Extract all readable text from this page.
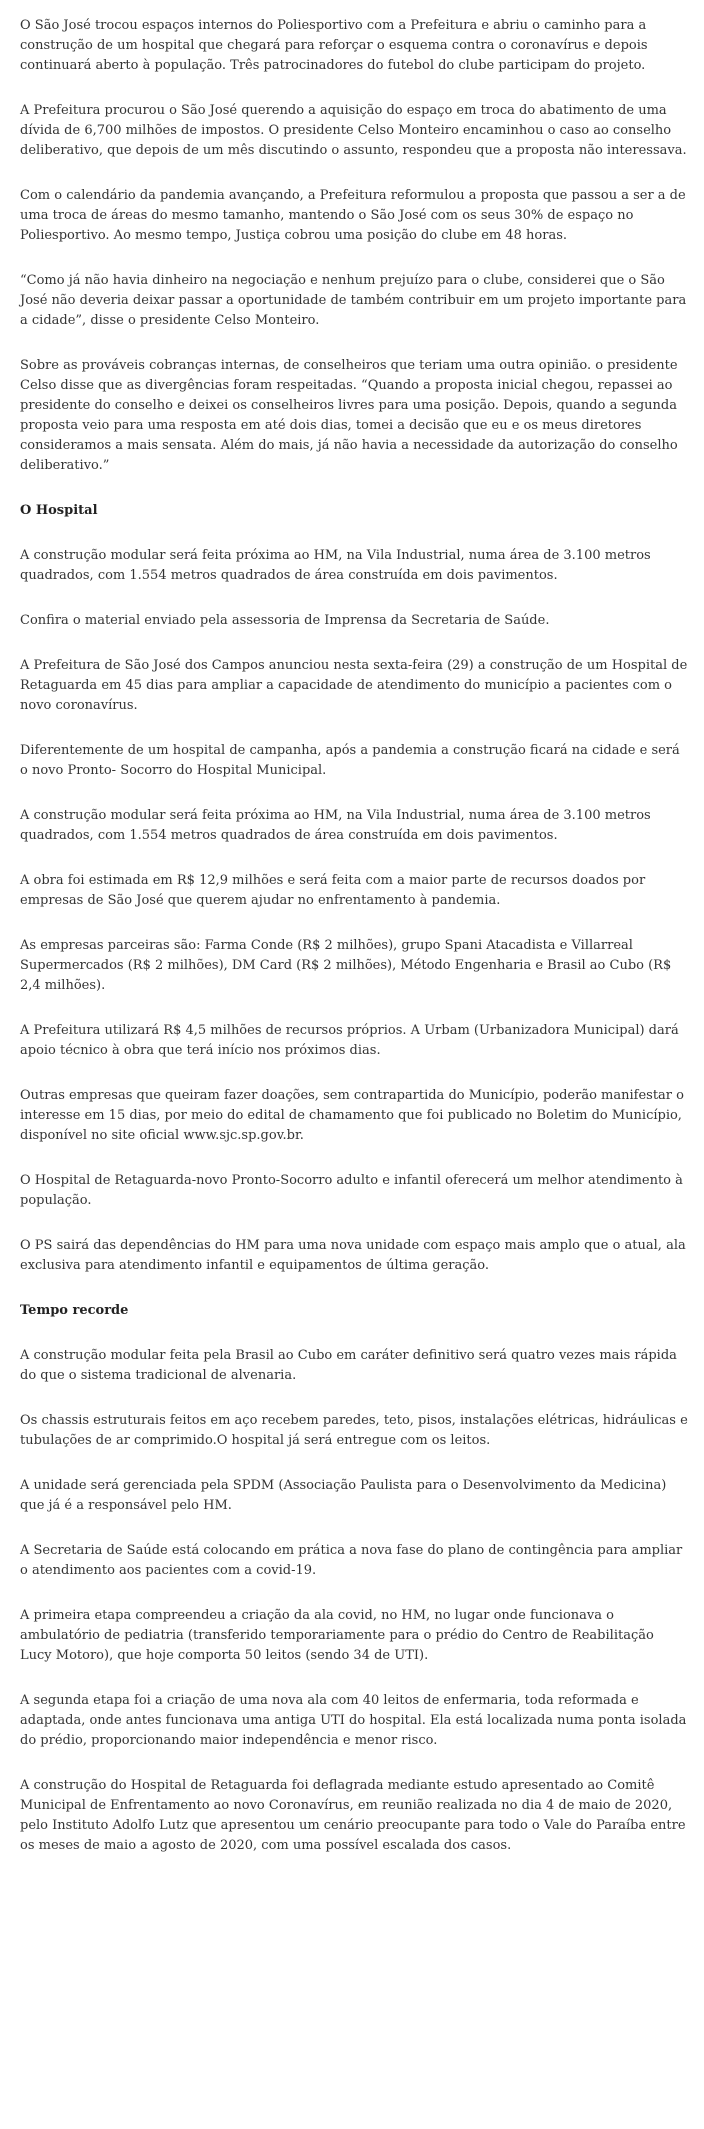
O São José trocou espaços internos do Poliesportivo com a Prefeitura e abriu o caminho para a construção de um hospital que chegará para reforçar o esquema contra o coronavírus e depois continuará aberto à população. Três patrocinadores do futebol do clube participam do projeto.

A Prefeitura procurou o São José querendo a aquisição do espaço em troca do abatimento de uma dívida de 6,700 milhões de impostos. O presidente Celso Monteiro encaminhou o caso ao conselho deliberativo, que depois de um mês discutindo o assunto, respondeu que a proposta não interessava.

Com o calendário da pandemia avançando, a Prefeitura reformulou a proposta que passou a ser a de uma troca de áreas do mesmo tamanho, mantendo o São José com os seus 30% de espaço no Poliesportivo. Ao mesmo tempo, Justiça cobrou uma posição do clube em 48 horas.

“Como já não havia dinheiro na negociação e nenhum prejuízo para o clube, considerei que o São José não deveria deixar passar a oportunidade de também contribuir em um projeto importante para a cidade”, disse o presidente Celso Monteiro.

Sobre as prováveis cobranças internas, de conselheiros que teriam uma outra opinião. o presidente Celso disse que as divergências foram respeitadas. “Quando a proposta inicial chegou, repassei ao presidente do conselho e deixei os conselheiros livres para uma posição. Depois, quando a segunda proposta veio para uma resposta em até dois dias, tomei a decisão que eu e os meus diretores consideramos a mais sensata. Além do mais, já não havia a necessidade da autorização do conselho deliberativo.”

O Hospital

A construção modular será feita próxima ao HM, na Vila Industrial, numa área de 3.100 metros quadrados, com 1.554 metros quadrados de área construída em dois pavimentos.

Confira o material enviado pela assessoria de Imprensa da Secretaria de Saúde.

A Prefeitura de São José dos Campos anunciou nesta sexta-feira (29) a construção de um Hospital de Retaguarda em 45 dias para ampliar a capacidade de atendimento do município a pacientes com o novo coronavírus.

Diferentemente de um hospital de campanha, após a pandemia a construção ficará na cidade e será o novo Pronto- Socorro do Hospital Municipal.

A construção modular será feita próxima ao HM, na Vila Industrial, numa área de 3.100 metros quadrados, com 1.554 metros quadrados de área construída em dois pavimentos.

A obra foi estimada em R$ 12,9 milhões e será feita com a maior parte de recursos doados por empresas de São José que querem ajudar no enfrentamento à pandemia.

As empresas parceiras são: Farma Conde (R$ 2 milhões), grupo Spani Atacadista e Villarreal Supermercados (R$ 2 milhões), DM Card (R$ 2 milhões), Método Engenharia e Brasil ao Cubo (R$ 2,4 milhões).

A Prefeitura utilizará R$ 4,5 milhões de recursos próprios. A Urbam (Urbanizadora Municipal) dará apoio técnico à obra que terá início nos próximos dias.

Outras empresas que queiram fazer doações, sem contrapartida do Município, poderão manifestar o interesse em 15 dias, por meio do edital de chamamento que foi publicado no Boletim do Município, disponível no site oficial www.sjc.sp.gov.br.

O Hospital de Retaguarda-novo Pronto-Socorro adulto e infantil oferecerá um melhor atendimento à população.

O PS sairá das dependências do HM para uma nova unidade com espaço mais amplo que o atual, ala exclusiva para atendimento infantil e equipamentos de última geração.

Tempo recorde

A construção modular feita pela Brasil ao Cubo em caráter definitivo será quatro vezes mais rápida do que o sistema tradicional de alvenaria.

Os chassis estruturais feitos em aço recebem paredes, teto, pisos, instalações elétricas, hidráulicas e tubulações de ar comprimido.O hospital já será entregue com os leitos.

A unidade será gerenciada pela SPDM (Associação Paulista para o Desenvolvimento da Medicina) que já é a responsável pelo HM.

A Secretaria de Saúde está colocando em prática a nova fase do plano de contingência para ampliar o atendimento aos pacientes com a covid-19.

A primeira etapa compreendeu a criação da ala covid, no HM, no lugar onde funcionava o ambulatório de pediatria (transferido temporariamente para o prédio do Centro de Reabilitação Lucy Motoro), que hoje comporta 50 leitos (sendo 34 de UTI).

A segunda etapa foi a criação de uma nova ala com 40 leitos de enfermaria, toda reformada e adaptada, onde antes funcionava uma antiga UTI do hospital. Ela está localizada numa ponta isolada do prédio, proporcionando maior independência e menor risco.

A construção do Hospital de Retaguarda foi deflagrada mediante estudo apresentado ao Comitê Municipal de Enfrentamento ao novo Coronavírus, em reunião realizada no dia 4 de maio de 2020, pelo Instituto Adolfo Lutz que apresentou um cenário preocupante para todo o Vale do Paraíba entre os meses de maio a agosto de 2020, com uma possível escalada dos casos.
